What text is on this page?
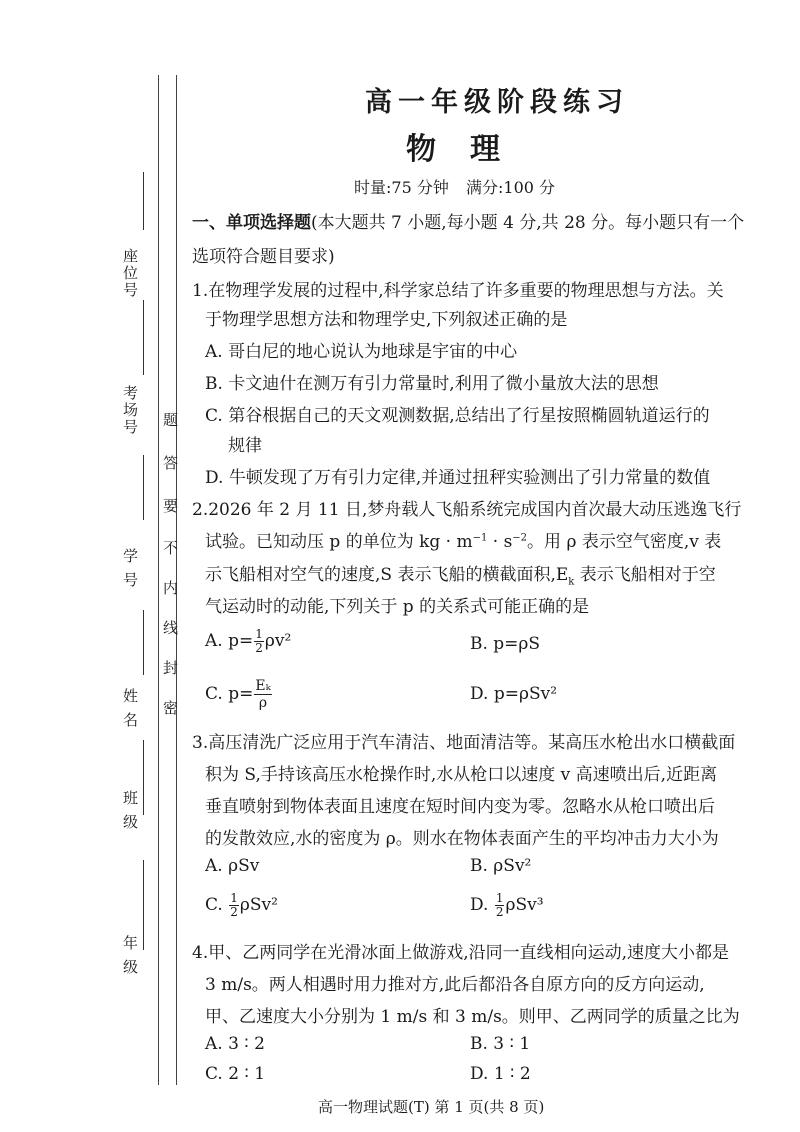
座位号
考场号
学 号
姓 名
班 级
年 级
密
封
线
内
不
要
答
题
高一年级阶段练习
物理
时量:75 分钟 满分:100 分
一、单项选择题(本大题共 7 小题,每小题 4 分,共 28 分。每小题只有一个
选项符合题目要求)
1.在物理学发展的过程中,科学家总结了许多重要的物理思想与方法。关
于物理学思想方法和物理学史,下列叙述正确的是
A. 哥白尼的地心说认为地球是宇宙的中心
B. 卡文迪什在测万有引力常量时,利用了微小量放大法的思想
C. 第谷根据自己的天文观测数据,总结出了行星按照椭圆轨道运行的
规律
D. 牛顿发现了万有引力定律,并通过扭秤实验测出了引力常量的数值
2.2026 年 2 月 11 日,梦舟载人飞船系统完成国内首次最大动压逃逸飞行
试验。已知动压 p 的单位为 kg · $m^{-1} \cdot s^{-2}$。用 ρ 表示空气密度,v 表
示飞船相对空气的速度,S 表示飞船的横截面积$,E_k$ 表示飞船相对于空
气运动时的动能,下列关于 p 的关系式可能正确的是
A. $p= \frac{1}{2} \rho v^2$	B. p=ρS
C. $p= \frac{\text{Eₖ}}{\rho}$	D. p=ρSv²
3.高压清洗广泛应用于汽车清洁、地面清洁等。某高压水枪出水口横截面
积为 S,手持该高压水枪操作时,水从枪口以速度 v 高速喷出后,近距离
垂直喷射到物体表面且速度在短时间内变为零。忽略水从枪口喷出后
的发散效应,水的密度为 ρ。则水在物体表面产生的平均冲击力大小为
A. ρSv	B. ρSv²
C. $\frac{1}{2} \rho Sv^2$	D. $\frac{1}{2} \rho Sv^3$
4.甲、乙两同学在光滑冰面上做游戏,沿同一直线相向运动,速度大小都是
3 m/s。两人相遇时用力推对方,此后都沿各自原方向的反方向运动,
甲、乙速度大小分别为 1 m/s 和 3 m/s。则甲、乙两同学的质量之比为
A. 3 ∶ 2	B. 3 ∶ 1
C. 2 ∶ 1	D. 1 ∶ 2
高一物理试题(T) 第 1 页(共 8 页)
